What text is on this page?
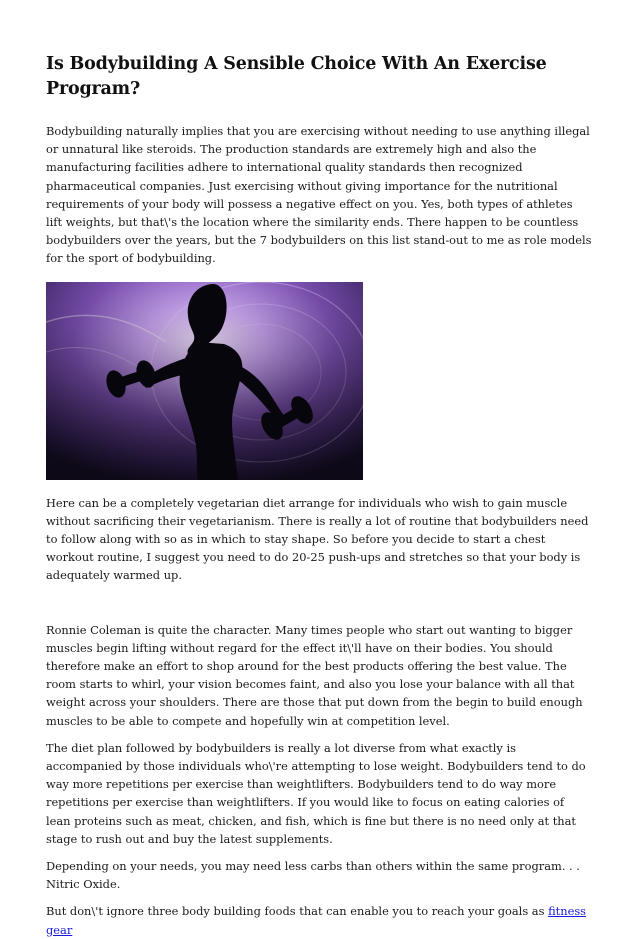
Is Bodybuilding A Sensible Choice With An Exercise Program?

Bodybuilding naturally implies that you are exercising without needing to use anything illegal or unnatural like steroids. The production standards are extremely high and also the manufacturing facilities adhere to international quality standards then recognized pharmaceutical companies. Just exercising without giving importance for the nutritional requirements of your body will possess a negative effect on you. Yes, both types of athletes lift weights, but that\'s the location where the similarity ends. There happen to be countless bodybuilders over the years, but the 7 bodybuilders on this list stand-out to me as role models for the sport of bodybuilding.

Here can be a completely vegetarian diet arrange for individuals who wish to gain muscle without sacrificing their vegetarianism. There is really a lot of routine that bodybuilders need to follow along with so as in which to stay shape. So before you decide to start a chest workout routine, I suggest you need to do 20-25 push-ups and stretches so that your body is adequately warmed up.

Ronnie Coleman is quite the character. Many times people who start out wanting to bigger muscles begin lifting without regard for the effect it\'ll have on their bodies. You should therefore make an effort to shop around for the best products offering the best value. The room starts to whirl, your vision becomes faint, and also you lose your balance with all that weight across your shoulders. There are those that put down from the begin to build enough muscles to be able to compete and hopefully win at competition level.

The diet plan followed by bodybuilders is really a lot diverse from what exactly is accompanied by those individuals who\'re attempting to lose weight. Bodybuilders tend to do way more repetitions per exercise than weightlifters. Bodybuilders tend to do way more repetitions per exercise than weightlifters. If you would like to focus on eating calories of lean proteins such as meat, chicken, and fish, which is fine but there is no need only at that stage to rush out and buy the latest supplements.

Depending on your needs, you may need less carbs than others within the same program. . . Nitric Oxide.

But don\'t ignore three body building foods that can enable you to reach your goals as fitness gear
